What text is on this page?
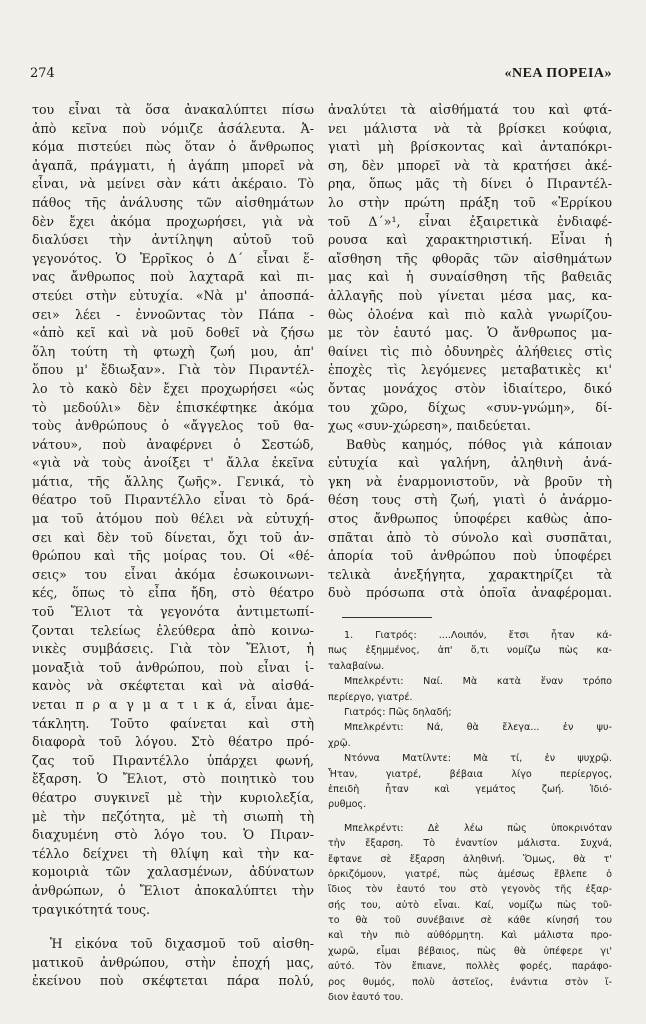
274	«ΝΕΑ ΠΟΡΕΙΑ»
του εἶναι τὰ ὅσα ἀνακαλύπτει πίσω
ἀπὸ κεῖνα ποὺ νόμιζε ἀσάλευτα. Ἀ-
κόμα πιστεύει πὼς ὅταν ὁ ἄνθρωπος
ἀγαπᾶ, πράγματι, ἡ ἀγάπη μπορεῖ νὰ
εἶναι, νὰ μείνει σὰν κάτι ἀκέραιο. Τὸ
πάθος τῆς ἀνάλυσης τῶν αἰσθημάτων
δὲν ἔχει ἀκόμα προχωρήσει, γιὰ νὰ
διαλύσει τὴν ἀντίληψη αὐτοῦ τοῦ
γεγονότος. Ὁ Ἐρρῖκος ὁ Δ΄ εἶναι ἕ-
νας ἄνθρωπος ποὺ λαχταρᾶ καὶ πι-
στεύει στὴν εὐτυχία. «Νὰ μ' ἀποσπά-
σει» λέει - ἐννοῶντας τὸν Πάπα -
«ἀπὸ κεῖ καὶ νὰ μοῦ δοθεῖ νὰ ζήσω
ὅλη τούτη τὴ φτωχὴ ζωή μου, ἀπ'
ὅπου μ' ἔδιωξαν». Γιὰ τὸν Πιραντέλ-
λο τὸ κακὸ δὲν ἔχει προχωρήσει «ὡς
τὸ μεδούλι» δὲν ἐπισκέφτηκε ἀκόμα
τοὺς ἀνθρώπους ὁ «ἄγγελος τοῦ θα-
νάτου», ποὺ ἀναφέρνει ὁ Σεστώδ,
«γιὰ νὰ τοὺς ἀνοίξει τ' ἄλλα ἐκεῖνα
μάτια, τῆς ἄλλης ζωῆς». Γενικά, τὸ
θέατρο τοῦ Πιραντέλλο εἶναι τὸ δρά-
μα τοῦ ἀτόμου ποὺ θέλει νὰ εὐτυχή-
σει καὶ δὲν τοῦ δίνεται, ὄχι τοῦ ἀν-
θρώπου καὶ τῆς μοίρας του. Οἱ «θέ-
σεις» του εἶναι ἀκόμα ἐσωκοινωνι-
κές, ὅπως τὸ εἶπα ἤδη, στὸ θέατρο
τοῦ Ἔλιοτ τὰ γεγονότα ἀντιμετωπί-
ζονται τελείως ἐλεύθερα ἀπὸ κοινω-
νικὲς συμβάσεις. Γιὰ τὸν Ἔλιοτ, ἡ
μοναξιὰ τοῦ ἀνθρώπου, ποὺ εἶναι ἱ-
κανὸς νὰ σκέφτεται καὶ νὰ αἰσθά-
νεται π ρ α γ μ α τ ι κ ά, εἶναι ἀμε-
τάκλητη. Τοῦτο φαίνεται καὶ στὴ
διαφορὰ τοῦ λόγου. Στὸ θέατρο πρό-
ζας τοῦ Πιραντέλλο ὑπάρχει φωνή,
ἔξαρση. Ὁ Ἔλιοτ, στὸ ποιητικὸ του
θέατρο συγκινεῖ μὲ τὴν κυριολεξία,
μὲ τὴν πεζότητα, μὲ τὴ σιωπὴ τὴ
διαχυμένη στὸ λόγο του. Ὁ Πιραν-
τέλλο δείχνει τὴ θλίψη καὶ τὴν κα-
κομοιριὰ τῶν χαλασμένων, ἀδύνατων
ἀνθρώπων, ὁ Ἔλιοτ ἀποκαλύπτει τὴν
τραγικότητά τους.
Ἡ εἰκόνα τοῦ διχασμοῦ τοῦ αἰσθη-
ματικοῦ ἀνθρώπου, στὴν ἐποχή μας,
ἐκείνου ποὺ σκέφτεται πάρα πολύ,
ἀναλύτει τὰ αἰσθήματά του καὶ φτά-
νει μάλιστα νὰ τὰ βρίσκει κούφια,
γιατὶ μὴ βρίσκοντας καὶ ἀνταπόκρι-
ση, δὲν μπορεῖ νὰ τὰ κρατήσει ἀκέ-
ρηα, ὅπως μᾶς τὴ δίνει ὁ Πιραντέλ-
λο στὴν πρώτη πράξη τοῦ «Ἐρρίκου
τοῦ Δ΄»¹, εἶναι ἐξαιρετικὰ ἐνδιαφέ-
ρουσα καὶ χαρακτηριστική. Εἶναι ἡ
αἴσθηση τῆς φθορᾶς τῶν αἰσθημάτων
μας καὶ ἡ συναίσθηση τῆς βαθειᾶς
ἀλλαγῆς ποὺ γίνεται μέσα μας, κα-
θὼς ὁλοένα καὶ πιὸ καλὰ γνωρίζου-
με τὸν ἑαυτό μας. Ὁ ἄνθρωπος μα-
θαίνει τὶς πιὸ ὀδυνηρὲς ἀλήθειες στὶς
ἐποχὲς τὶς λεγόμενες μεταβατικὲς κι'
ὄντας μονάχος στὸν ἰδιαίτερο, δικό
του χῶρο, δίχως «συν-γνώμη», δί-
χως «συν-χώρεση», παιδεύεται.
Βαθὺς καημός, πόθος γιὰ κάποιαν
εὐτυχία καὶ γαλήνη, ἀληθινὴ ἀνά-
γκη νὰ ἐναρμονιστοῦν, νὰ βροῦν τὴ
θέση τους στὴ ζωή, γιατὶ ὁ ἀνάρμο-
στος ἄνθρωπος ὑποφέρει καθὼς ἀπο-
σπᾶται ἀπὸ τὸ σύνολο καὶ συσπᾶται,
ἀπορία τοῦ ἀνθρώπου ποὺ ὑποφέρει
τελικὰ ἀνεξήγητα, χαρακτηρίζει τὰ
δυὸ πρόσωπα στὰ ὁποῖα ἀναφέρομαι.
1. Γιατρός: ....Λοιπόν, ἔτσι ἦταν κά-
πως ἐξημμένος, ἀπ' ὅ,τι νομίζω πὼς κα-
ταλαβαίνω.
Μπελκρέντι: Ναί. Μὰ κατὰ ἕναν τρόπο
περίεργο, γιατρέ.
Γιατρός: Πῶς δηλαδή;
Μπελκρέντι: Νά, θὰ ἔλεγα... ἐν ψυ-
χρῷ.
Ντόννα Ματίλντε: Μὰ τί, ἐν ψυχρῷ.
Ἦταν, γιατρέ, βέβαια λίγο περίεργος,
ἐπειδὴ ἦταν καὶ γεμάτος ζωή. Ἰδιό-
ρυθμος.
Μπελκρέντι: Δὲ λέω πὼς ὑποκρινόταν
τὴν ἔξαρση. Τὸ ἐναντίον μάλιστα. Συχνά,
ἔφτανε σὲ ἔξαρση ἀληθινή. Ὅμως, θὰ τ'
ὁρκιζόμουν, γιατρέ, πὼς ἀμέσως ἔβλεπε ὁ
ἴδιος τὸν ἑαυτό του στὸ γεγονὸς τῆς ἐξαρ-
σής του, αὐτὸ εἶναι. Καί, νομίζω πὼς τοῦ-
το θὰ τοῦ συνέβαινε σὲ κάθε κίνησή του
καὶ τὴν πιὸ αὐθόρμητη. Καὶ μάλιστα προ-
χωρῶ, εἶμαι βέβαιος, πὼς θὰ ὑπέφερε γι'
αὐτό. Τὸν ἔπιανε, πολλὲς φορές, παράφο-
ρος θυμός, πολὺ ἀστεῖος, ἐνάντια στὸν ἴ-
διον ἑαυτό του.
